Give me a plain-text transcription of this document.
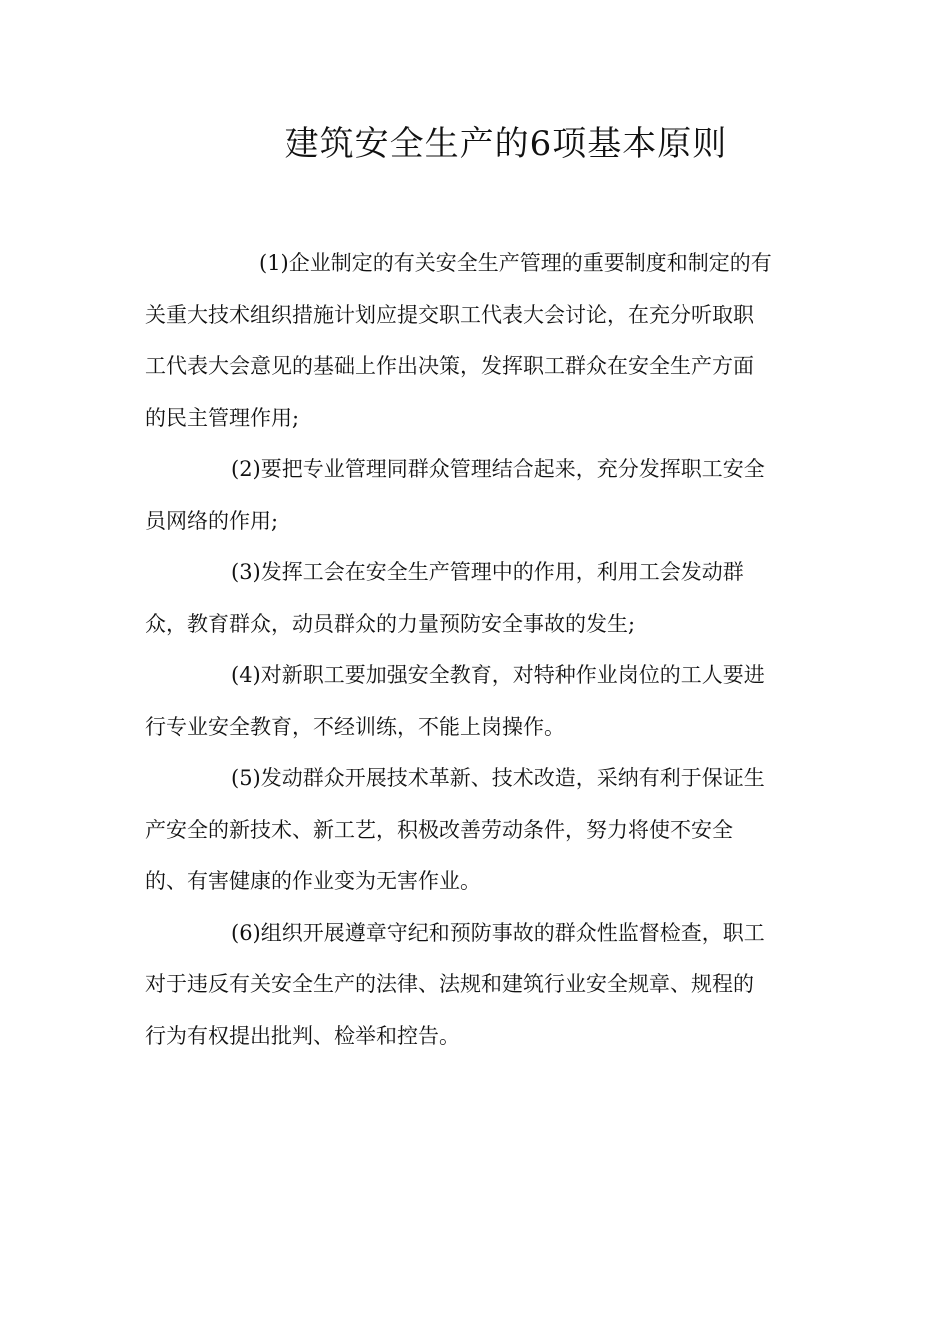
建筑安全生产的6项基本原则

(1)企业制定的有关安全生产管理的重要制度和制定的有
关重大技术组织措施计划应提交职工代表大会讨论，在充分听取职
工代表大会意见的基础上作出决策，发挥职工群众在安全生产方面
的民主管理作用;

(2)要把专业管理同群众管理结合起来，充分发挥职工安全
员网络的作用;

(3)发挥工会在安全生产管理中的作用，利用工会发动群
众，教育群众，动员群众的力量预防安全事故的发生;

(4)对新职工要加强安全教育，对特种作业岗位的工人要进
行专业安全教育，不经训练，不能上岗操作。

(5)发动群众开展技术革新、技术改造，采纳有利于保证生
产安全的新技术、新工艺，积极改善劳动条件，努力将使不安全
的、有害健康的作业变为无害作业。

(6)组织开展遵章守纪和预防事故的群众性监督检查，职工
对于违反有关安全生产的法律、法规和建筑行业安全规章、规程的
行为有权提出批判、检举和控告。
